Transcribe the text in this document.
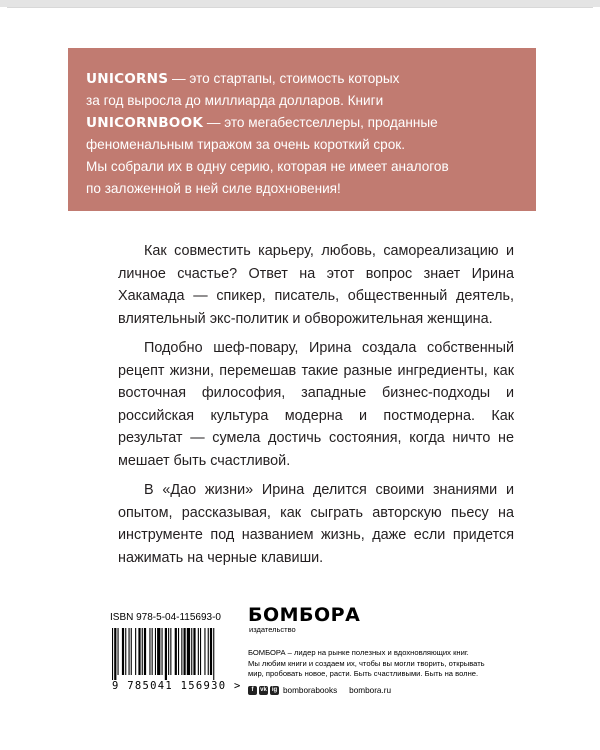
UNICORNS — это стартапы, стоимость которых

за год выросла до миллиарда долларов. Книги

UNICORNBOOK — это мегабестселлеры, проданные

феноменальным тиражом за очень короткий срок.

Мы собрали их в одну серию, которая не имеет аналогов

по заложенной в ней силе вдохновения!

Как совместить карьеру, любовь, самореализацию и личное счастье? Ответ на этот вопрос знает Ирина Хакамада — спикер, писатель, общественный деятель, влиятельный экс-политик и обворожительная женщина.

Подобно шеф-повару, Ирина создала собственный рецепт жизни, перемешав такие разные ингредиенты, как восточная философия, западные бизнес-подходы и российская культура модерна и постмодерна. Как результат — сумела достичь состояния, когда ничто не мешает быть счастливой.

В «Дао жизни» Ирина делится своими знаниями и опытом, рассказывая, как сыграть авторскую пьесу на инструменте под названием жизнь, даже если придется нажимать на черные клавиши.

ISBN 978-5-04-115693-0
9 785041 156930 >
БОМБОРА
издательство
БОМБОРА – лидер на рынке полезных и вдохновляющих книг.
Мы любим книги и создаем их, чтобы вы могли творить, открывать
мир, пробовать новое, расти. Быть счастливыми. Быть на волне.
f	vk ig bomborabooks bombora.ru
